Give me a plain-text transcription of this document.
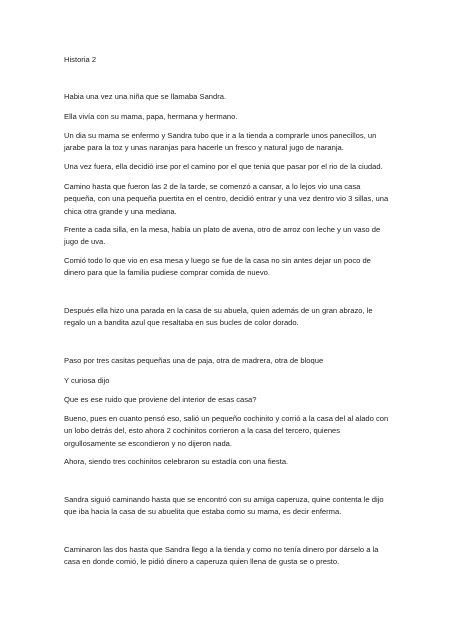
Historia 2

Habia una vez una niña que se llamaba Sandra.

Ella vivía con su mama, papa, hermana y hermano.

Un dia su mama se enfermo y Sandra tubo que ir a la tienda a comprarle unos panecillos, un jarabe para la toz y unas naranjas para hacerle un fresco y natural jugo de naranja.

Una vez fuera, ella decidió irse por el camino por el que tenia que pasar por el rio de la ciudad.

Camino hasta que fueron las 2 de la tarde, se comenzó a cansar, a lo lejos vio una casa pequeña, con una pequeña puertita en el centro, decidió entrar y una vez dentro vio 3 sillas, una chica otra grande y una mediana.

Frente a cada silla, en la mesa, había un plato de avena, otro de arroz con leche y un vaso de jugo de uva.

Comió todo lo que vio en esa mesa y luego se fue de la casa no sin antes dejar un poco de dinero para que la familia pudiese comprar comida de nuevo.

Después ella hizo una parada en la casa de su abuela, quien además de un gran abrazo, le regalo un a bandita azul que resaltaba en sus bucles de color dorado.

Paso por tres casitas pequeñas una de paja, otra de madrera, otra de bloque

Y curiosa dijo

Que es ese ruido que proviene del interior de esas casa?

Bueno, pues en cuanto pensó eso, salió un pequeño cochinito y corrió a la casa del al alado con un lobo detrás del, esto ahora 2 cochinitos corrieron a la casa del tercero, quienes orgullosamente se escondieron y no dijeron nada.

Ahora, siendo tres cochinitos celebraron su estadía con una fiesta.

Sandra siguió caminando hasta que se encontró con su amiga caperuza, quine contenta le dijo que iba hacia la casa de su abuelita que estaba como su mama, es decir enferma.

Caminaron las dos hasta que Sandra llego a la tienda y como no tenía dinero por dárselo a la casa en donde comió, le pidió dinero a caperuza quien llena de gusta se o presto.
